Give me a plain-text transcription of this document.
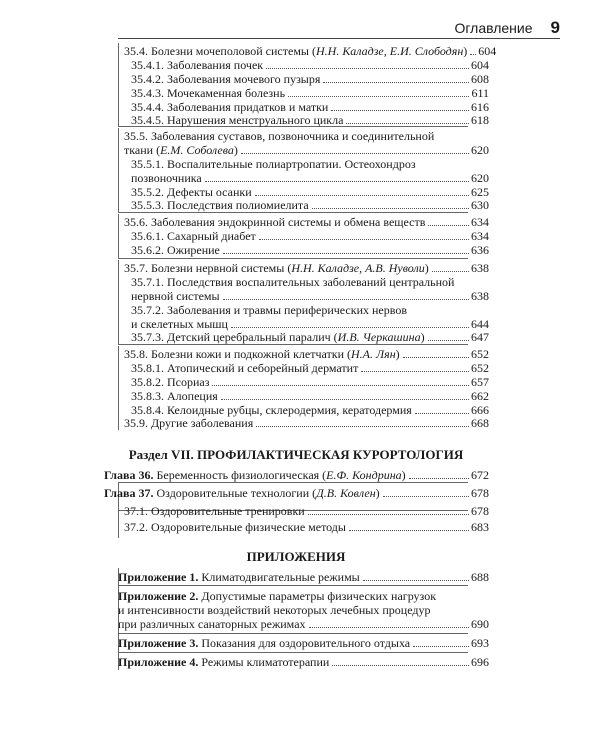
Оглавление 9
35.4. Болезни мочеполовой системы (Н.Н. Каладзе, Е.И. Слободян) 604
35.4.1. Заболевания почек	604
35.4.2. Заболевания мочевого пузыря	608
35.4.3. Мочекаменная болезнь	611
35.4.4. Заболевания придатков и матки	616
35.4.5. Нарушения менструального цикла	618
35.5. Заболевания суставов, позвоночника и соединительной
ткани (Е.М. Соболева)	620
35.5.1. Воспалительные полиартропатии. Остеохондроз
позвоночника	620
35.5.2. Дефекты осанки	625
35.5.3. Последствия полиомиелита	630
35.6. Заболевания эндокринной системы и обмена веществ	634
35.6.1. Сахарный диабет	634
35.6.2. Ожирение	636
35.7. Болезни нервной системы (Н.Н. Каладзе, А.В. Нуволи)	638
35.7.1. Последствия воспалительных заболеваний центральной
нервной системы	638
35.7.2. Заболевания и травмы периферических нервов
и скелетных мышц	644
35.7.3. Детский церебральный паралич (И.В. Черкашина)	647
35.8. Болезни кожи и подкожной клетчатки (Н.А. Лян)	652
35.8.1. Атопический и себорейный дерматит	652
35.8.2. Псориаз	657
35.8.3. Алопеция	662
35.8.4. Келоидные рубцы, склеродермия, кератодермия	666
35.9. Другие заболевания	668
Раздел VII. ПРОФИЛАКТИЧЕСКАЯ КУРОРТОЛОГИЯ
Глава 36. Беременность физиологическая (Е.Ф. Кондрина)	672
Глава 37. Оздоровительные технологии (Д.В. Ковлен)	678
37.1. Оздоровительные тренировки	678
37.2. Оздоровительные физические методы	683
ПРИЛОЖЕНИЯ
Приложение 1. Климатодвигательные режимы	688
Приложение 2. Допустимые параметры физических нагрузок
и интенсивности воздействий некоторых лечебных процедур
при различных санаторных режимах	690
Приложение 3. Показания для оздоровительного отдыха	693
Приложение 4. Режимы климатотерапии	696
